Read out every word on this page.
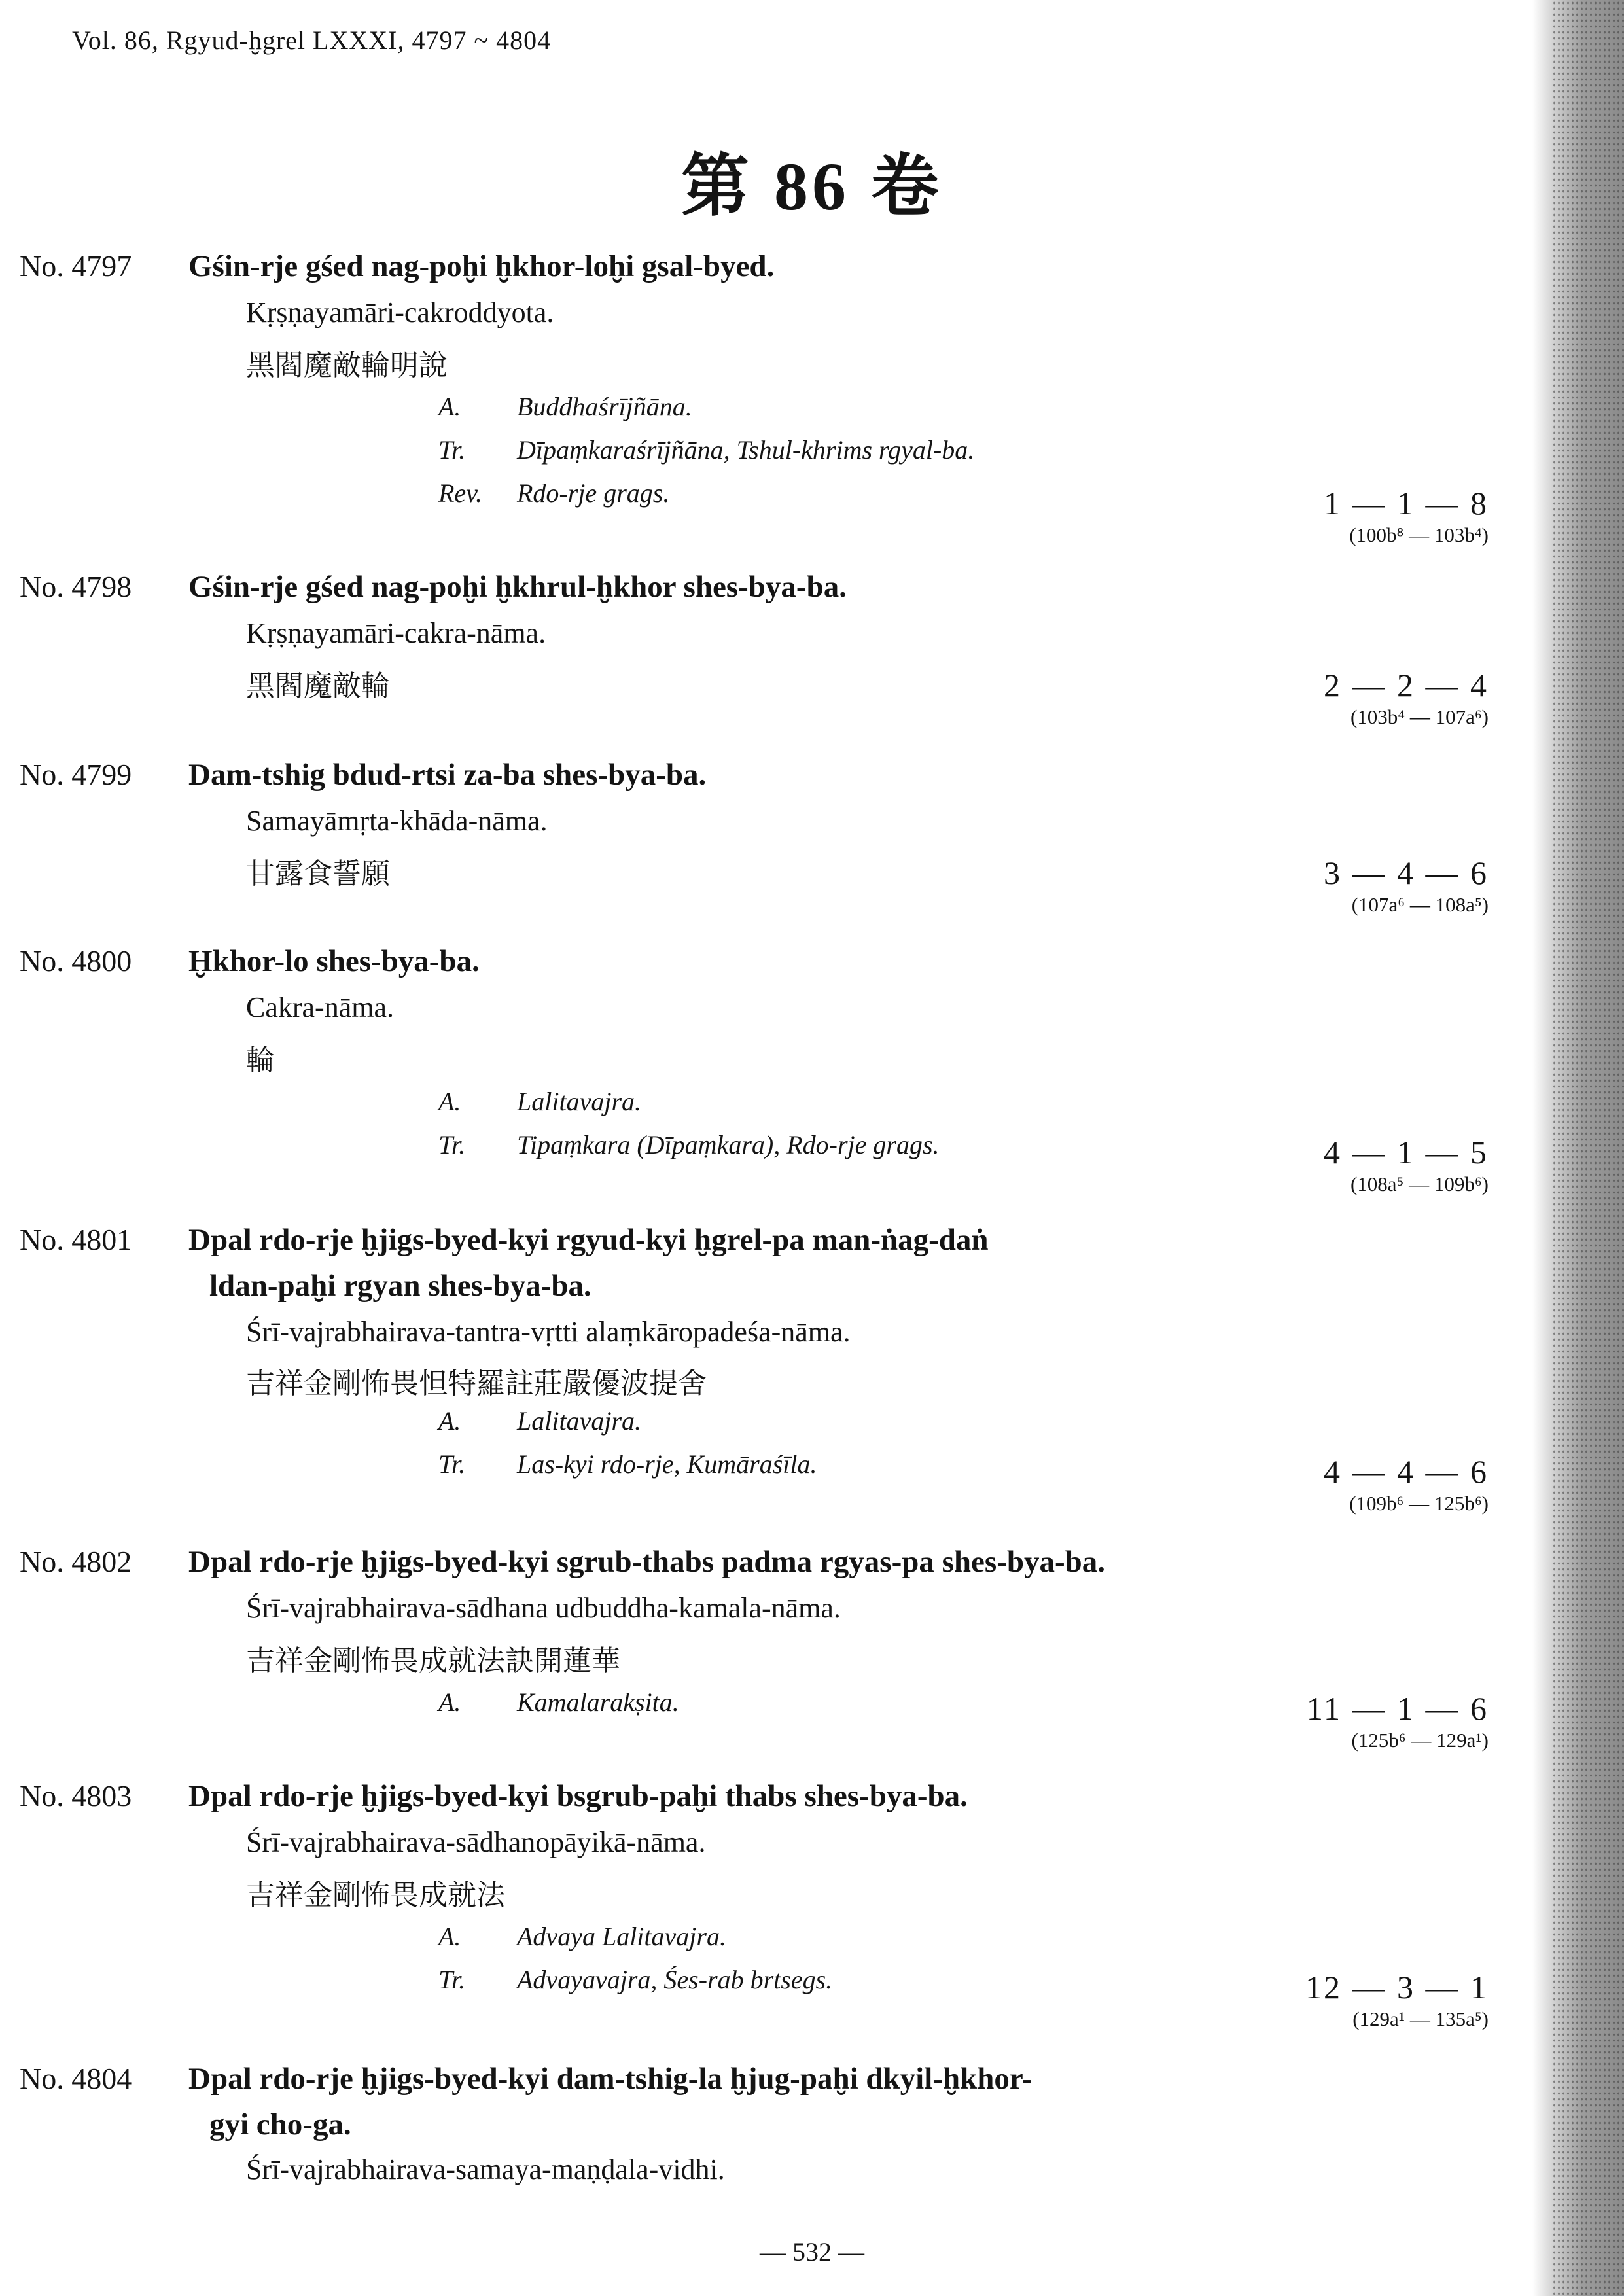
Vol. 86, Rgyud-ḫgrel LXXXI, 4797 ~ 4804
第 86 卷
No. 4797 Gśin-rje gśed nag-poḫi ḫkhor-loḫi gsal-byed.
Kṛṣṇayamāri-cakroddyota.
黑閻魔敵輪明說
A. Buddhaśrījñāna.
Tr. Dīpaṃkaraśrījñāna, Tshul-khrims rgyal-ba.
Rev. Rdo-rje grags.	1 — 1 — 8
(100b⁸ — 103b⁴)
No. 4798 Gśin-rje gśed nag-poḫi ḫkhrul-ḫkhor shes-bya-ba.
Kṛṣṇayamāri-cakra-nāma.
黑閻魔敵輪	2 — 2 — 4
(103b⁴ — 107a⁶)
No. 4799 Dam-tshig bdud-rtsi za-ba shes-bya-ba.
Samayāmṛta-khāda-nāma.
甘露食誓願	3 — 4 — 6
(107a⁶ — 108a⁵)
No. 4800 Ḫkhor-lo shes-bya-ba.
Cakra-nāma.
輪
A. Lalitavajra.
Tr. Tipaṃkara (Dīpaṃkara), Rdo-rje grags.	4 — 1 — 5
(108a⁵ — 109b⁶)
No. 4801 Dpal rdo-rje ḫjigs-byed-kyi rgyud-kyi ḫgrel-pa man-ṅag-daṅ
ldan-paḫi rgyan shes-bya-ba.
Śrī-vajrabhairava-tantra-vṛtti alaṃkāropadeśa-nāma.
吉祥金剛怖畏怛特羅註莊嚴優波提舍
A. Lalitavajra.
Tr. Las-kyi rdo-rje, Kumāraśīla.	4 — 4 — 6
(109b⁶ — 125b⁶)
No. 4802 Dpal rdo-rje ḫjigs-byed-kyi sgrub-thabs padma rgyas-pa shes-bya-ba.
Śrī-vajrabhairava-sādhana udbuddha-kamala-nāma.
吉祥金剛怖畏成就法訣開蓮華
A. Kamalarakṣita.	11 — 1 — 6
(125b⁶ — 129a¹)
No. 4803 Dpal rdo-rje ḫjigs-byed-kyi bsgrub-paḫi thabs shes-bya-ba.
Śrī-vajrabhairava-sādhanopāyikā-nāma.
吉祥金剛怖畏成就法
A. Advaya Lalitavajra.
Tr. Advayavajra, Śes-rab brtsegs.	12 — 3 — 1
(129a¹ — 135a⁵)
No. 4804 Dpal rdo-rje ḫjigs-byed-kyi dam-tshig-la ḫjug-paḫi dkyil-ḫkhor-
gyi cho-ga.
Śrī-vajrabhairava-samaya-maṇḍala-vidhi.
— 532 —
